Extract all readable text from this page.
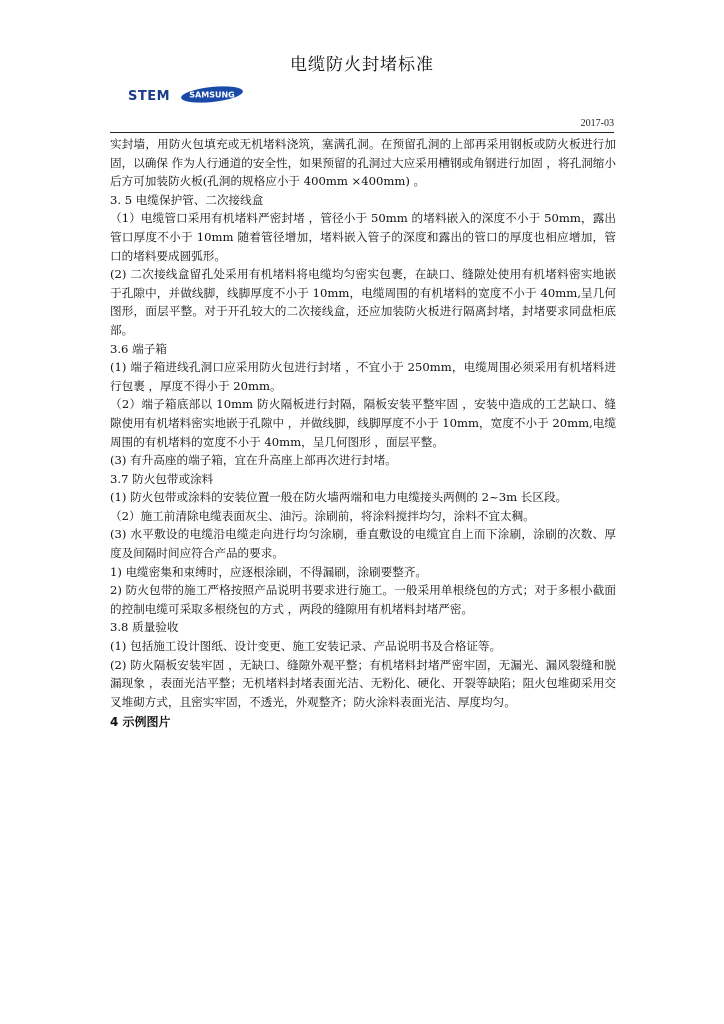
电缆防火封堵标准
STEM SAMSUNG
2017-03

实封墙，用防火包填充或无机堵料浇筑，塞满孔洞。在预留孔洞的上部再采用钢板或防火板进行加固，以确保 作为人行通道的安全性，如果预留的孔洞过大应采用槽钢或角钢进行加固 ，将孔洞缩小后方可加装防火板(孔洞的规格应小于 400mm ×400mm) 。

3. 5 电缆保护管、二次接线盒

（1）电缆管口采用有机堵料严密封堵 ，管径小于 50mm 的堵料嵌入的深度不小于 50mm，露出管口厚度不小于 10mm 随着管径增加，堵料嵌入管子的深度和露出的管口的厚度也相应增加，管口的堵料要成圆弧形。

(2) 二次接线盒留孔处采用有机堵料将电缆均匀密实包裹，在缺口、缝隙处使用有机堵料密实地嵌于孔隙中，并做线脚，线脚厚度不小于 10mm，电缆周围的有机堵料的宽度不小于 40mm,呈几何图形，面层平整。对于开孔较大的二次接线盒，还应加装防火板进行隔离封堵，封堵要求同盘柜底部。

3.6 端子箱

(1) 端子箱进线孔洞口应采用防火包进行封堵 ，不宜小于 250mm，电缆周围必须采用有机堵料进行包裹 ，厚度不得小于 20mm。

（2）端子箱底部以 10mm 防火隔板进行封隔，隔板安装平整牢固 ，安装中造成的工艺缺口、缝隙使用有机堵料密实地嵌于孔隙中 ，并做线脚，线脚厚度不小于 10mm，宽度不小于 20mm,电缆周围的有机堵料的宽度不小于 40mm，呈几何图形 ，面层平整。

(3) 有升高座的端子箱，宜在升高座上部再次进行封堵。

3.7 防火包带或涂料

(1) 防火包带或涂料的安装位置一般在防火墙两端和电力电缆接头两侧的 2~3m 长区段。

（2）施工前清除电缆表面灰尘、油污。涂刷前，将涂料搅拌均匀，涂料不宜太稠。

(3) 水平敷设的电缆沿电缆走向进行均匀涂刷，垂直敷设的电缆宜自上而下涂刷，涂刷的次数、厚度及间隔时间应符合产品的要求。

1) 电缆密集和束缚时，应逐根涂刷，不得漏刷，涂刷要整齐。

2) 防火包带的施工严格按照产品说明书要求进行施工。一般采用单根绕包的方式；对于多根小截面的控制电缆可采取多根绕包的方式 ，两段的缝隙用有机堵料封堵严密。

3.8 质量验收

(1) 包括施工设计图纸、设计变更、施工安装记录、产品说明书及合格证等。

(2) 防火隔板安装牢固 ，无缺口、缝隙外观平整；有机堵料封堵严密牢固，无漏光、漏风裂缝和脱漏现象 ，表面光洁平整；无机堵料封堵表面光洁、无粉化、硬化、开裂等缺陷；阻火包堆砌采用交叉堆砌方式，且密实牢固，不透光，外观整齐；防火涂料表面光洁、厚度均匀。

4 示例图片
